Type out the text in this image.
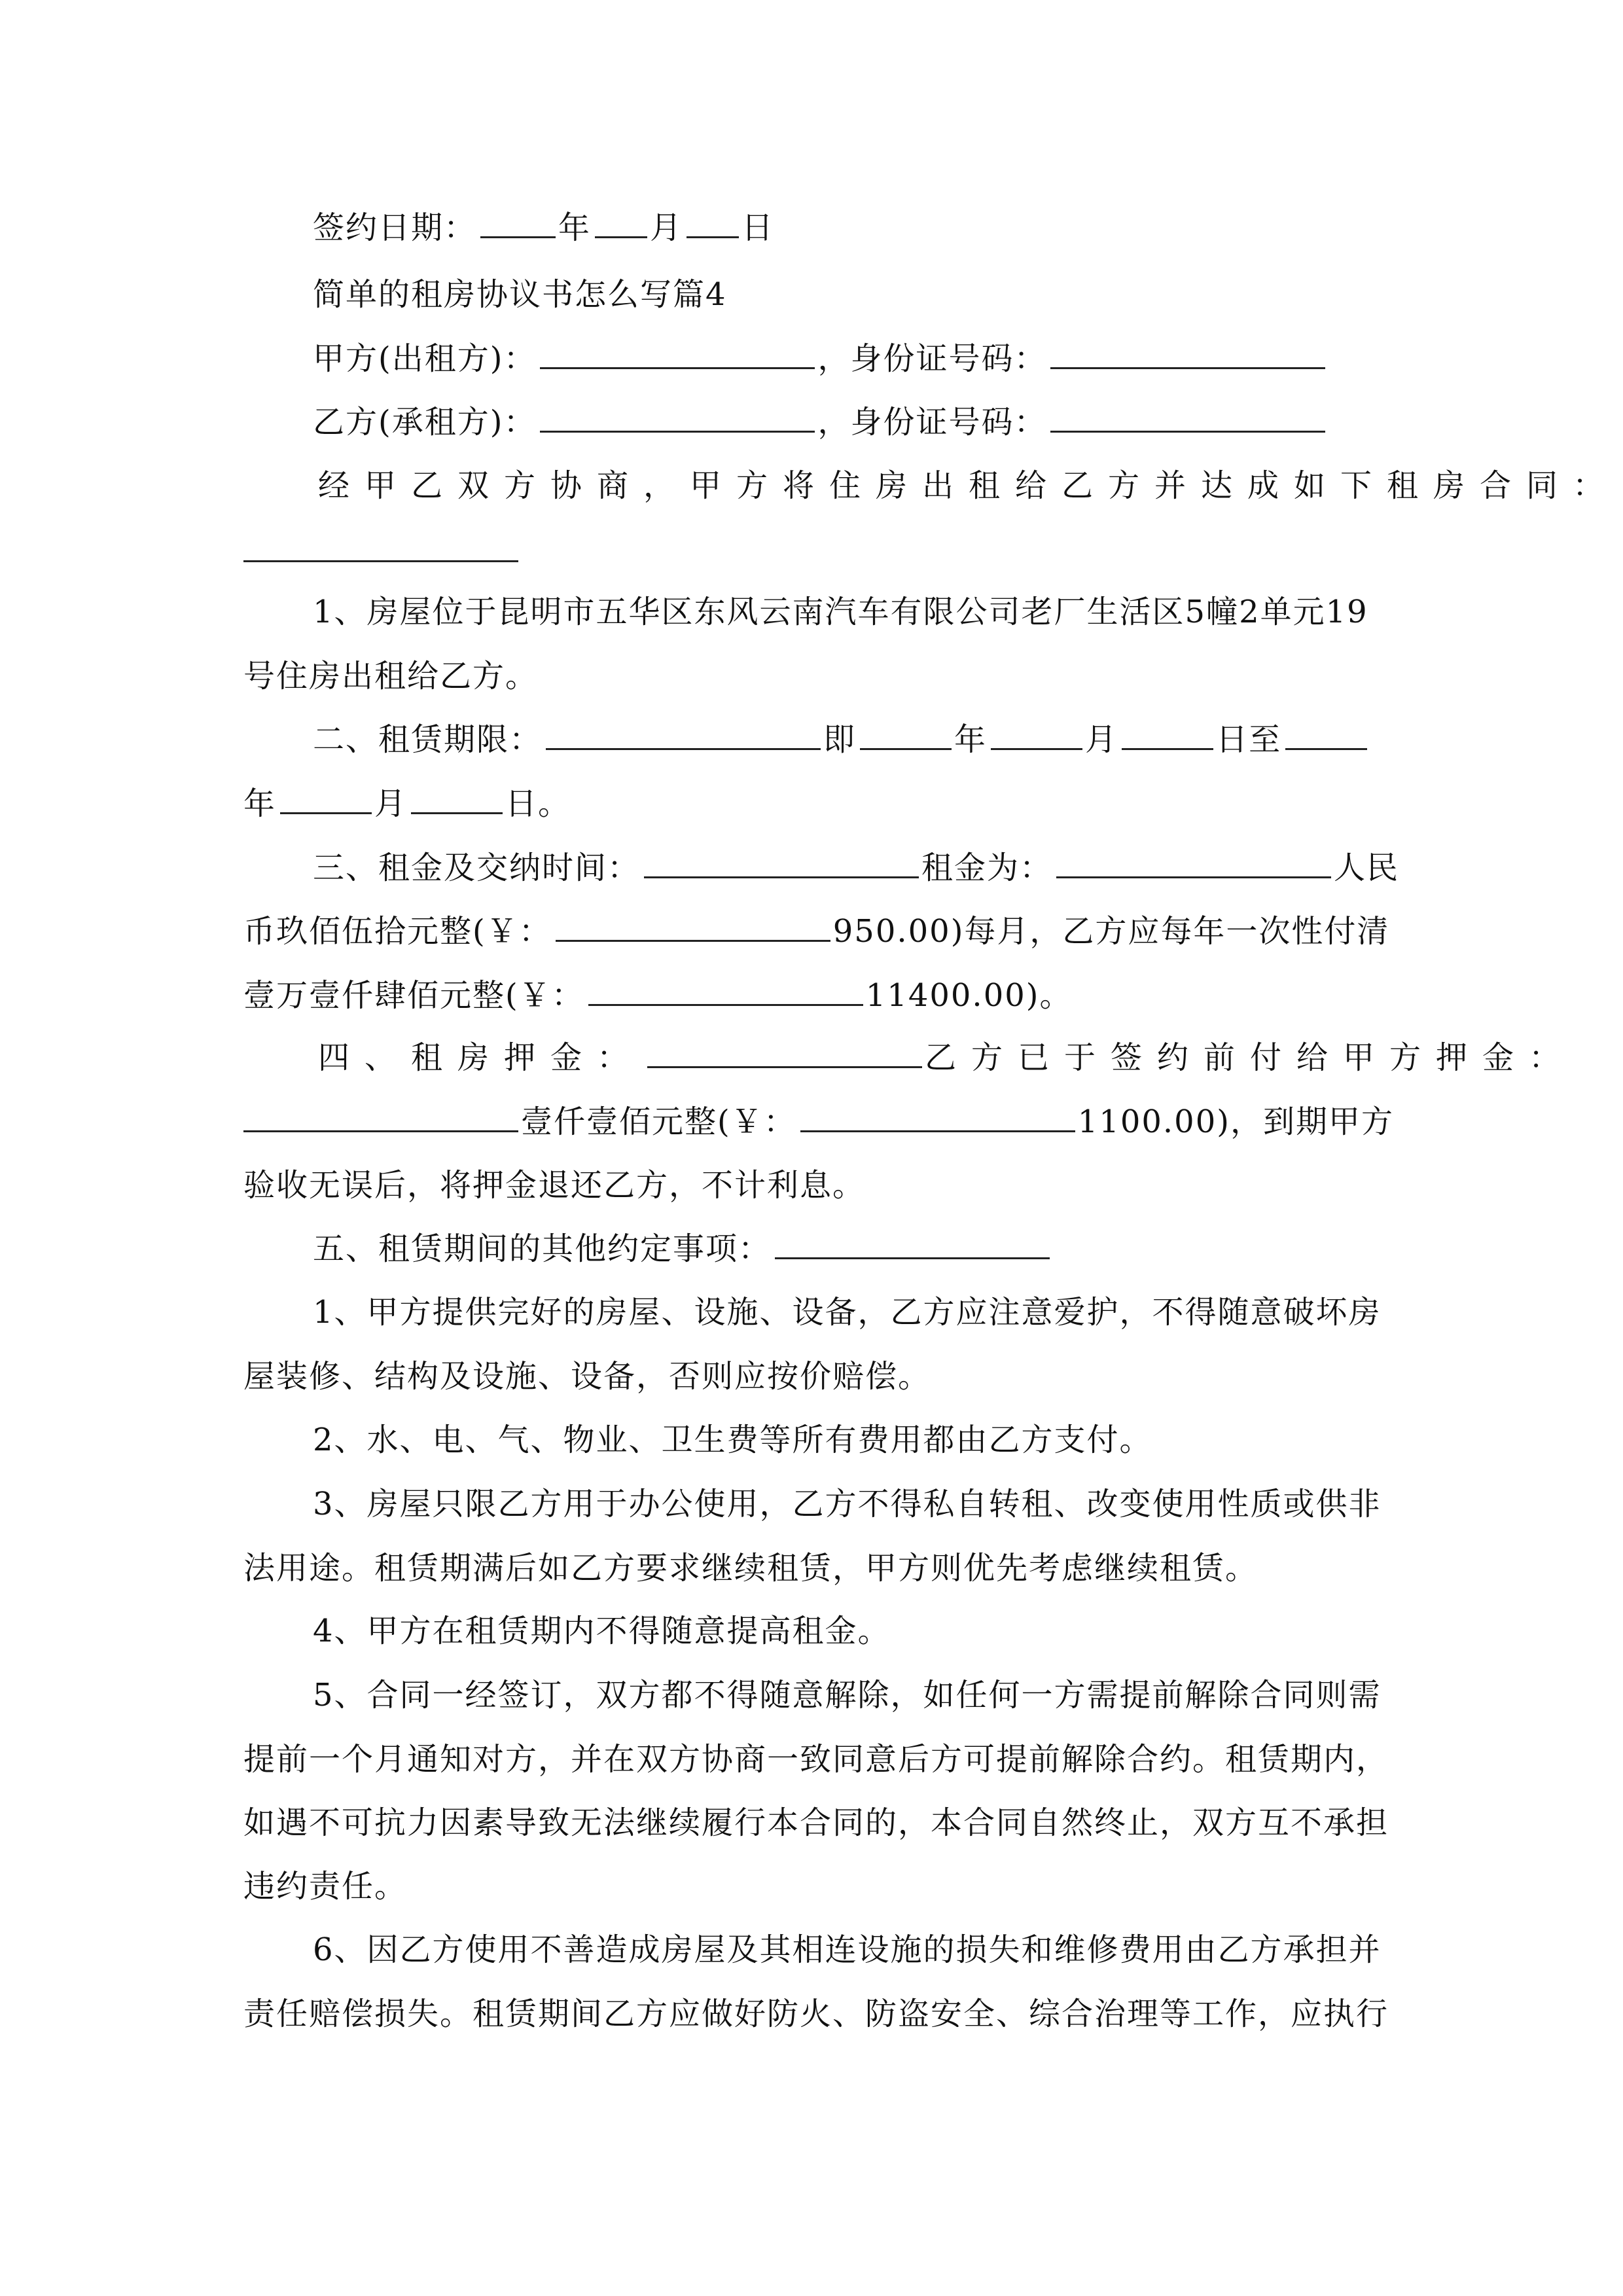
签约日期：	年 月 日
简单的租房协议书怎么写篇4
甲方(出租方)：	，身份证号码：
乙方(承租方)：	，身份证号码：
经甲乙双方协商，甲方将住房出租给乙方并达成如下租房合同：
1、房屋位于昆明市五华区东风云南汽车有限公司老厂生活区5幢2单元19
号住房出租给乙方。
二、租赁期限：	即	年	月	日至
年	月	日。
三、租金及交纳时间：	租金为：	人民
币玖佰伍拾元整(￥：	950.00)每月，乙方应每年一次性付清
壹万壹仟肆佰元整(￥：	11400.00)。
四、租房押金：	乙方已于签约前付给甲方押金：
壹仟壹佰元整(￥：	1100.00)，到期甲方
验收无误后，将押金退还乙方，不计利息。
五、租赁期间的其他约定事项：
1、甲方提供完好的房屋、设施、设备，乙方应注意爱护，不得随意破坏房
屋装修、结构及设施、设备，否则应按价赔偿。
2、水、电、气、物业、卫生费等所有费用都由乙方支付。
3、房屋只限乙方用于办公使用，乙方不得私自转租、改变使用性质或供非
法用途。租赁期满后如乙方要求继续租赁，甲方则优先考虑继续租赁。
4、甲方在租赁期内不得随意提高租金。
5、合同一经签订，双方都不得随意解除，如任何一方需提前解除合同则需
提前一个月通知对方，并在双方协商一致同意后方可提前解除合约。租赁期内，
如遇不可抗力因素导致无法继续履行本合同的，本合同自然终止，双方互不承担
违约责任。
6、因乙方使用不善造成房屋及其相连设施的损失和维修费用由乙方承担并
责任赔偿损失。租赁期间乙方应做好防火、防盗安全、综合治理等工作，应执行
